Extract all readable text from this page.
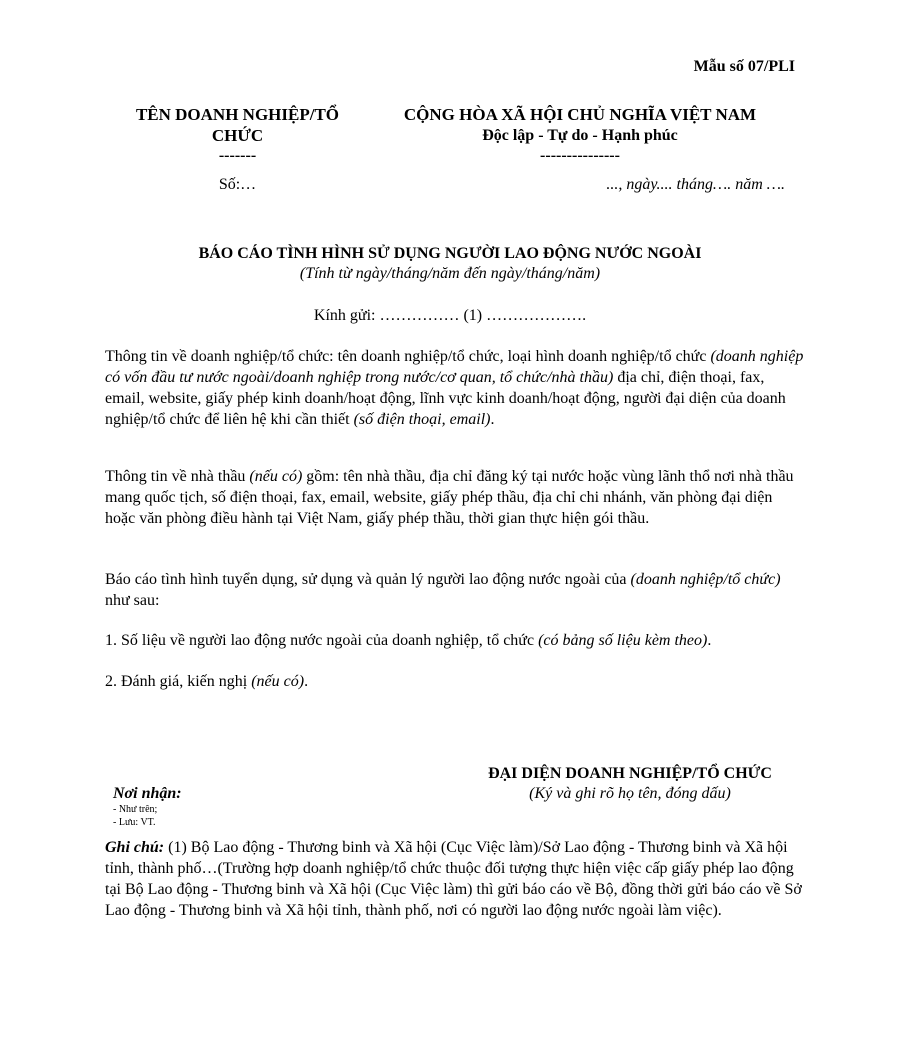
Mẫu số 07/PLI
TÊN DOANH NGHIỆP/TỔ
CHỨC
-------
Số:…
CỘNG HÒA XÃ HỘI CHỦ NGHĨA VIỆT NAM
Độc lập - Tự do - Hạnh phúc
---------------
..., ngày.... tháng…. năm ….
BÁO CÁO TÌNH HÌNH SỬ DỤNG NGƯỜI LAO ĐỘNG NƯỚC NGOÀI
(Tính từ ngày/tháng/năm đến ngày/tháng/năm)
Kính gửi: …………… (1) ……………….
Thông tin về doanh nghiệp/tổ chức: tên doanh nghiệp/tổ chức, loại hình doanh nghiệp/tổ chức (doanh nghiệp có vốn đầu tư nước ngoài/doanh nghiệp trong nước/cơ quan, tổ chức/nhà thầu) địa chỉ, điện thoại, fax, email, website, giấy phép kinh doanh/hoạt động, lĩnh vực kinh doanh/hoạt động, người đại diện của doanh nghiệp/tổ chức để liên hệ khi cần thiết (số điện thoại, email).
Thông tin về nhà thầu (nếu có) gồm: tên nhà thầu, địa chỉ đăng ký tại nước hoặc vùng lãnh thổ nơi nhà thầu mang quốc tịch, số điện thoại, fax, email, website, giấy phép thầu, địa chỉ chi nhánh, văn phòng đại diện hoặc văn phòng điều hành tại Việt Nam, giấy phép thầu, thời gian thực hiện gói thầu.
Báo cáo tình hình tuyển dụng, sử dụng và quản lý người lao động nước ngoài của (doanh nghiệp/tổ chức) như sau:
1. Số liệu về người lao động nước ngoài của doanh nghiệp, tổ chức (có bảng số liệu kèm theo).
2. Đánh giá, kiến nghị (nếu có).
ĐẠI DIỆN DOANH NGHIỆP/TỔ CHỨC
(Ký và ghi rõ họ tên, đóng dấu)
Nơi nhận:
- Như trên;
- Lưu: VT.
Ghi chú: (1) Bộ Lao động - Thương binh và Xã hội (Cục Việc làm)/Sở Lao động - Thương binh và Xã hội tỉnh, thành phố…(Trường hợp doanh nghiệp/tổ chức thuộc đối tượng thực hiện việc cấp giấy phép lao động tại Bộ Lao động - Thương binh và Xã hội (Cục Việc làm) thì gửi báo cáo về Bộ, đồng thời gửi báo cáo về Sở Lao động - Thương binh và Xã hội tỉnh, thành phố, nơi có người lao động nước ngoài làm việc).
